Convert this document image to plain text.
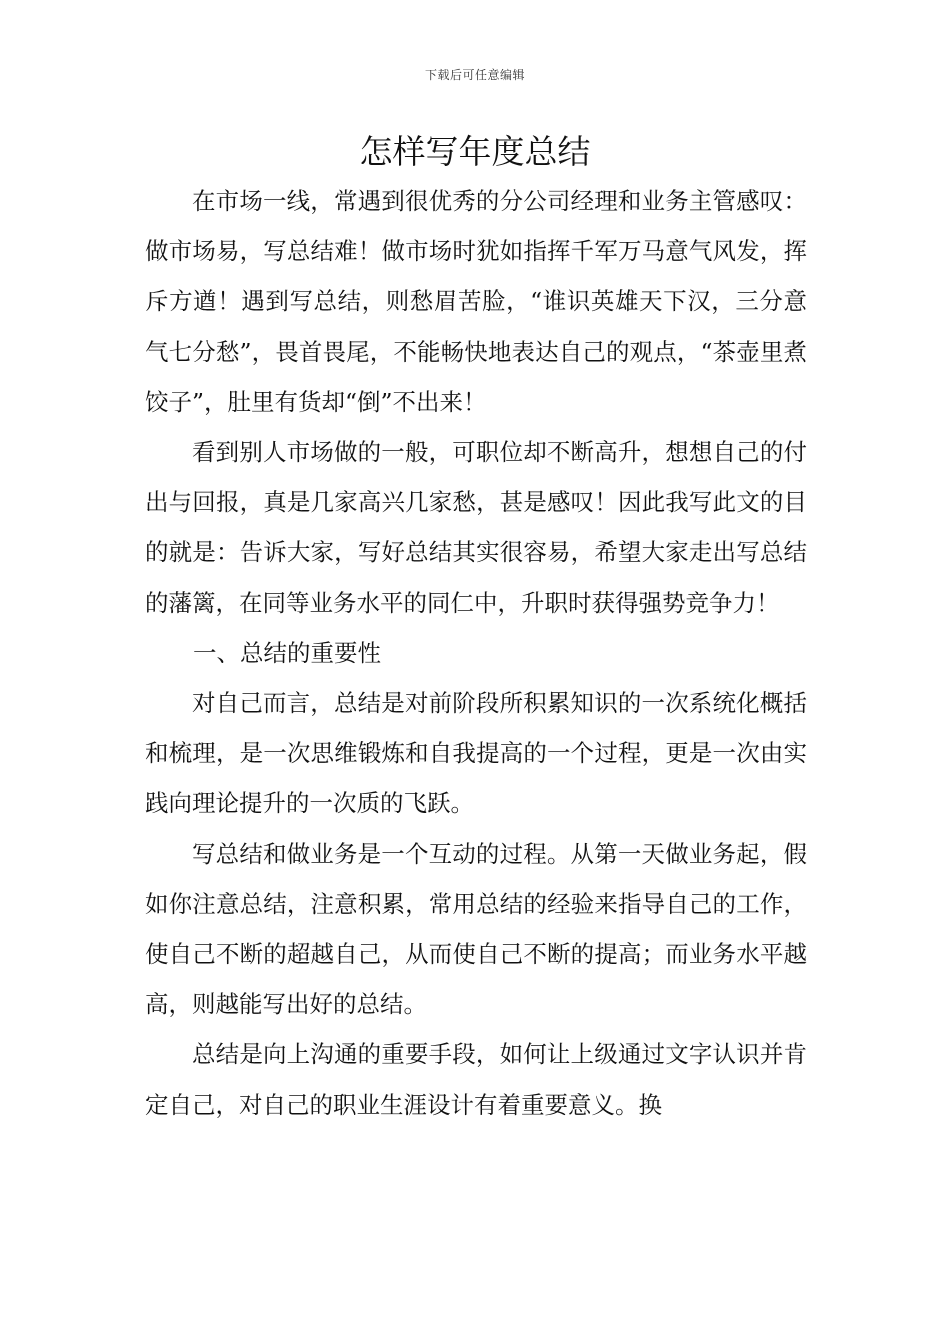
下载后可任意编辑
怎样写年度总结

在市场一线，常遇到很优秀的分公司经理和业务主管感叹：做市场易，写总结难！做市场时犹如指挥千军万马意气风发，挥斥方遒！遇到写总结，则愁眉苦脸，“谁识英雄天下汉，三分意气七分愁”，畏首畏尾，不能畅快地表达自己的观点，“茶壶里煮饺子”，肚里有货却“倒”不出来！

看到别人市场做的一般，可职位却不断高升，想想自己的付出与回报，真是几家高兴几家愁，甚是感叹！因此我写此文的目的就是：告诉大家，写好总结其实很容易，希望大家走出写总结的藩篱，在同等业务水平的同仁中，升职时获得强势竞争力！

一、总结的重要性

对自己而言，总结是对前阶段所积累知识的一次系统化概括和梳理，是一次思维锻炼和自我提高的一个过程，更是一次由实践向理论提升的一次质的飞跃。

写总结和做业务是一个互动的过程。从第一天做业务起，假如你注意总结，注意积累，常用总结的经验来指导自己的工作，使自己不断的超越自己，从而使自己不断的提高；而业务水平越高，则越能写出好的总结。

总结是向上沟通的重要手段，如何让上级通过文字认识并肯定自己，对自己的职业生涯设计有着重要意义。换
